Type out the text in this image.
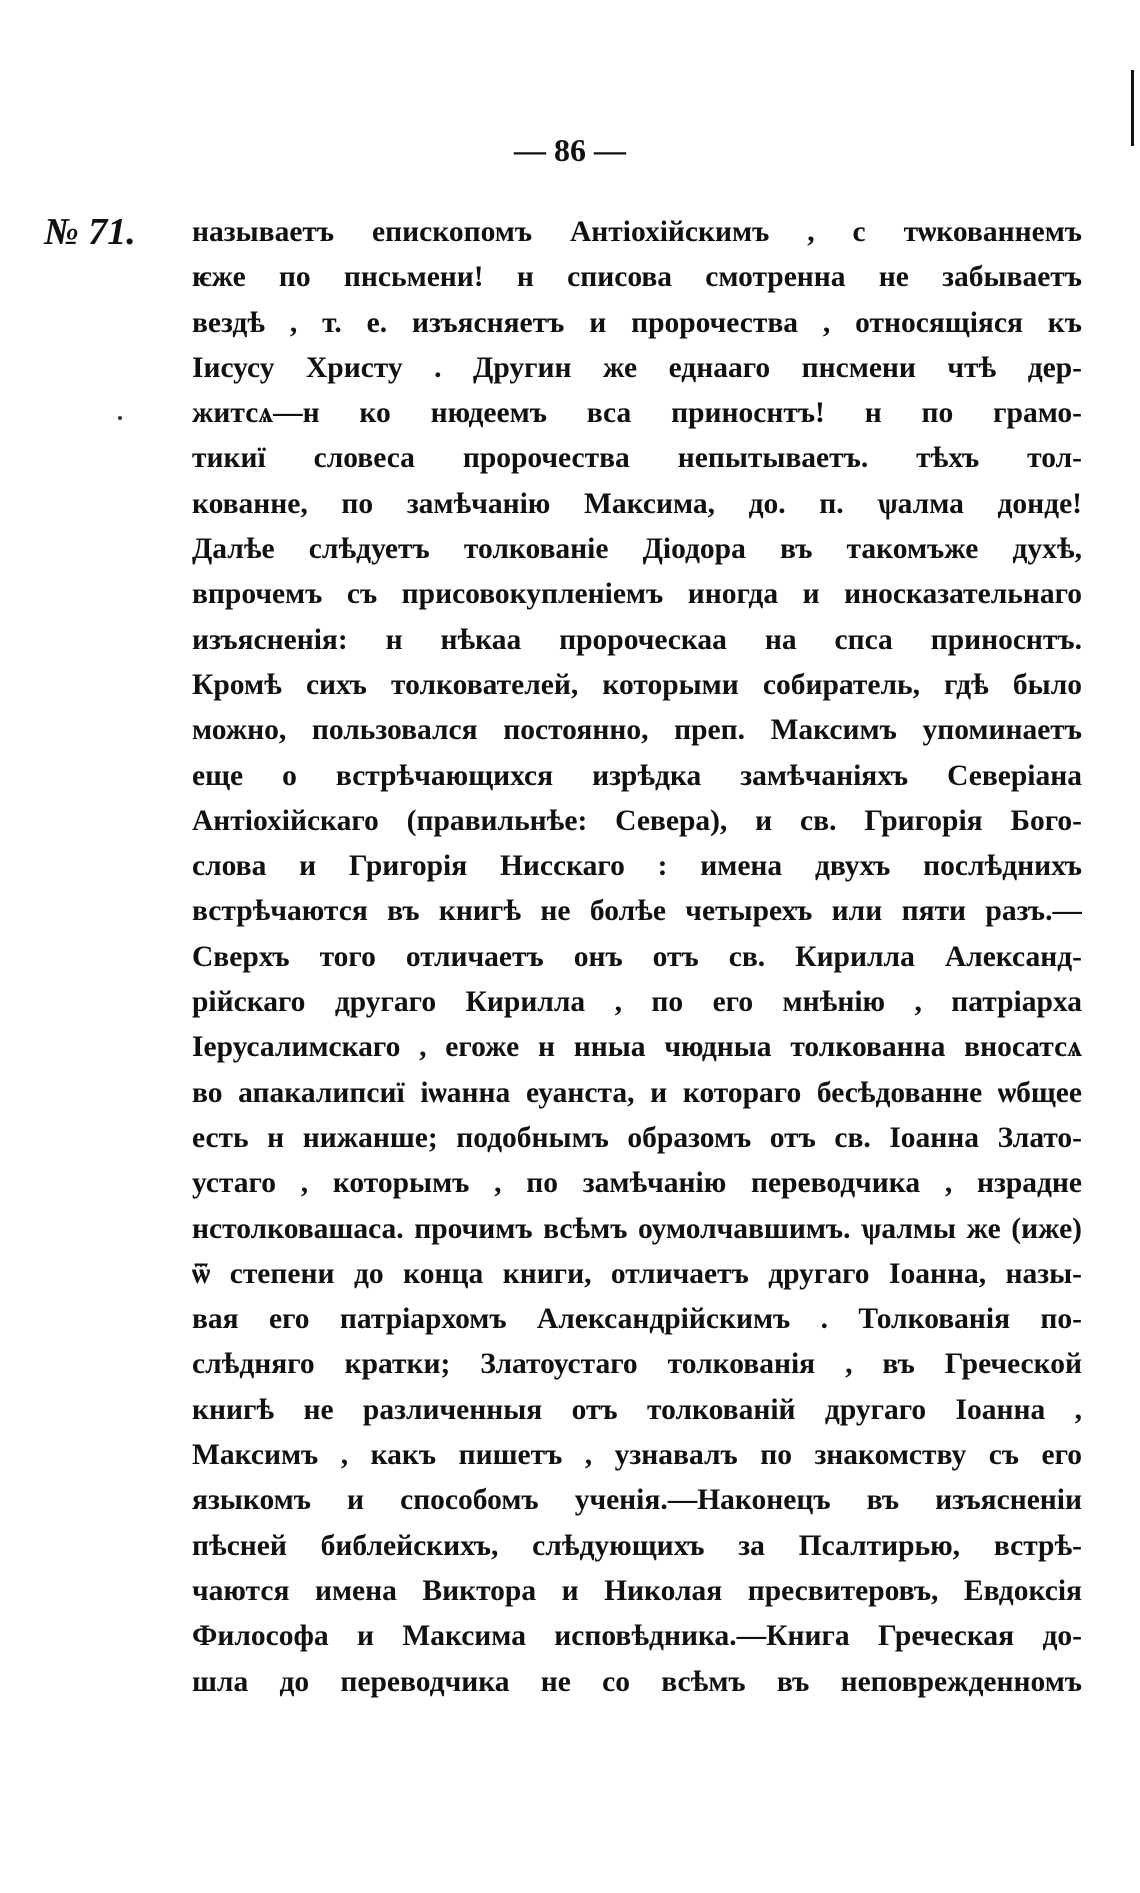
— 86 —
№ 71. называетъ епископомъ Антіохійскимъ , с тѡкованнемъ
ѥже по пнсьмени! н списова смотренна не забываетъ
вездѣ , т. е. изъясняетъ и пророчества , относящіяся къ
Іисусу Христу . Другин же еднааго пнсмени чтѣ дер-
житсѧ—н ко нюдеемъ вса приноснтъ! н по грамо-
тикиї словеса пророчества непытываетъ. тѣхъ тол-
кованне, по замѣчанію Максима, до. п. ѱалма донде!
Далѣе слѣдуетъ толкованіе Діодора въ такомъже духѣ,
впрочемъ съ присовокупленіемъ иногда и иносказательнаго
изъясненія: н нѣкаа пророческаа на спса приноснтъ.
Кромѣ сихъ толкователей, которыми собиратель, гдѣ было
можно, пользовался постоянно, преп. Максимъ упоминаетъ
еще о встрѣчающихся изрѣдка замѣчаніяхъ Северіана
Антіохійскаго (правильнѣе: Севера), и св. Григорія Бого-
слова и Григорія Нисскаго : имена двухъ послѣднихъ
встрѣчаются въ книгѣ не болѣе четырехъ или пяти разъ.—
Сверхъ того отличаетъ онъ отъ св. Кирилла Александ-
рійскаго другаго Кирилла , по его мнѣнію , патріарха
Іерусалимскаго , егоже н нныа чюдныа толкованна вносатсѧ
во апакалипсиї іѡанна еуанста, и котораго бесѣдованне ѡбщее
есть н нижанше; подобнымъ образомъ отъ св. Іоанна Злато-
устаго , которымъ , по замѣчанію переводчика , нзрадне
нстолковашаса. прочимъ всѣмъ оумолчавшимъ. ѱалмы же (иже)
ѿ степени до конца книги, отличаетъ другаго Іоанна, назы-
вая его патріархомъ Александрійскимъ . Толкованія по-
слѣдняго кратки; Златоустаго толкованія , въ Греческой
книгѣ не различенныя отъ толкованій другаго Іоанна ,
Максимъ , какъ пишетъ , узнавалъ по знакомству съ его
языкомъ и способомъ ученія.—Наконецъ въ изъясненіи
пѣсней библейскихъ, слѣдующихъ за Псалтирью, встрѣ-
чаются имена Виктора и Николая пресвитеровъ, Евдоксія
Философа и Максима исповѣдника.—Книга Греческая до-
шла до переводчика не со всѣмъ въ неповрежденномъ
